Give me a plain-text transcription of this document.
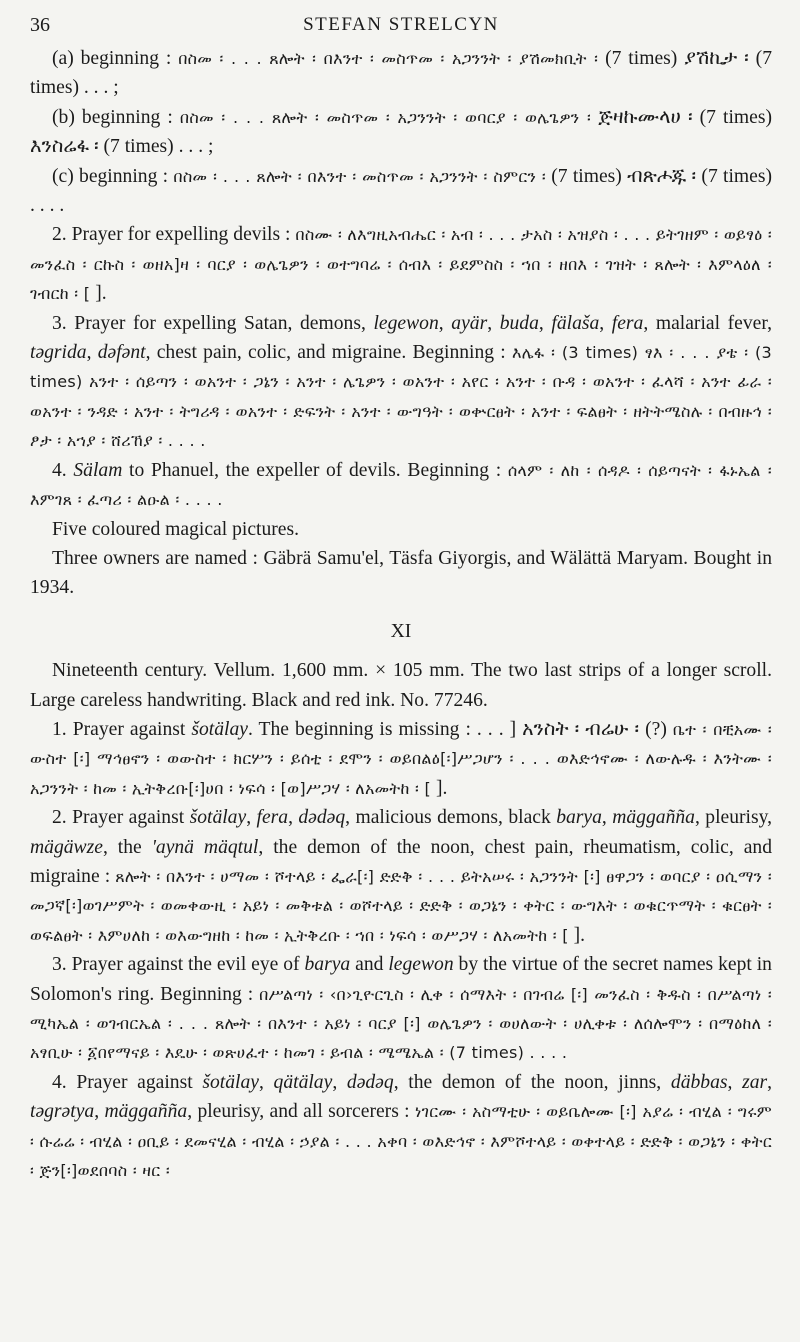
36	STEFAN STRELCYN

(a) beginning : በስመ ፡ . . . ጸሎት ፡ በእንተ ፡ መስጥመ ፡ አጋንንት ፡ ያሽመክቢት ፡ (7 times) ያሽኪታ ፡ (7 times) . . . ;

(b) beginning : በስመ ፡ . . . ጸሎት ፡ መስጥመ ፡ አጋንንት ፡ ወባርያ ፡ ወሌጌዎን ፡ ጅዛኩሙላሀ ፡ (7 times) እንስሬፋ ፡ (7 times) . . . ;

(c) beginning : በስመ ፡ . . . ጸሎት ፡ በእንተ ፡ መስጥመ ፡ አጋንንት ፡ ስምርን ፡ (7 times) ብጽሖጁ ፡ (7 times) . . . .

2. Prayer for expelling devils : በስሙ ፡ ለእግዚአብሔር ፡ አብ ፡ . . . ታአስ ፡ አዝያስ ፡ . . . ይትገዘም ፡ ወይፃዕ ፡ መንፈስ ፡ ርኩስ ፡ ወዘአ]ዛ ፡ ባርያ ፡ ወሌጌዎን ፡ ወተግባሬ ፡ ሰብእ ፡ ይደምስስ ፡ ኀበ ፡ ዘበእ ፡ ገዝት ፡ ጸሎት ፡ እምላዕለ ፡ ገብርከ ፡ [ ].

3. Prayer for expelling Satan, demons, legewon, ayär, buda, fälaša, fera, malarial fever, təgrida, dəfənt, chest pain, colic, and migraine. Beginning : እሌፋ ፡ (3 times) ፃእ ፡ . . . ያቴ ፡ (3 times) አንተ ፡ ሰይጣን ፡ ወአንተ ፡ ጋኔን ፡ አንተ ፡ ሌጌዎን ፡ ወአንተ ፡ አየር ፡ አንተ ፡ ቡዳ ፡ ወአንተ ፡ ፈላሻ ፡ አንተ ፊራ ፡ ወአንተ ፡ ንዳድ ፡ አንተ ፡ ትግሪዳ ፡ ወአንተ ፡ ድፍንት ፡ አንተ ፡ ውግዓት ፡ ወቍርፀት ፡ አንተ ፡ ፍልፀት ፡ ዘትትሜስሉ ፡ በብዙኅ ፡ ፆታ ፡ አኀያ ፡ ሸሪኸያ ፡ . . . .

4. Sälam to Phanuel, the expeller of devils. Beginning : ሰላም ፡ ለከ ፡ ሰዳዶ ፡ ሰይጣናት ፡ ፋኑኤል ፡ እምገጸ ፡ ፈጣሪ ፡ ልዑል ፡ . . . .

Five coloured magical pictures.

Three owners are named : Gäbrä Samu'el, Täsfa Giyorgis, and Wälättä Maryam. Bought in 1934.

XI

Nineteenth century. Vellum. 1,600 mm. × 105 mm. The two last strips of a longer scroll. Large careless handwriting. Black and red ink. No. 77246.

1. Prayer against šotälay. The beginning is missing : . . . ] አንስት ፡ ብሬሁ ፡ (?) ቤተ ፡ በቺአሙ ፡ ውስተ [፡] ማኅፀኖን ፡ ወውስተ ፡ ክርሦን ፡ ይሰቲ ፡ ደሞን ፡ ወይበልዕ[፡]ሥጋሆን ፡ . . . ወእድኅኖሙ ፡ ለውሉዱ ፡ እንትሙ ፡ አጋንንት ፡ ከመ ፡ ኢትቅረቡ[፡]ሀበ ፡ ነፍሳ ፡ [ወ]ሥጋሃ ፡ ለአመትከ ፡ [ ].

2. Prayer against šotälay, fera, dədəq, malicious demons, black barya, mäggañña, pleurisy, mägäwze, the 'aynä mäqtul, the demon of the noon, chest pain, rheumatism, colic, and migraine : ጸሎት ፡ በእንተ ፡ ሀማመ ፡ ሾተላይ ፡ ፌራ[፡] ድድቅ ፡ . . . ይትአሠሩ ፡ አጋንንት [፡] ፀዋጋን ፡ ወባርያ ፡ ዐሲማን ፡ መጋኛ[፡]ወገሥምት ፡ ወመቀውዚ ፡ አይነ ፡ መቅቱል ፡ ወሾተላይ ፡ ድድቅ ፡ ወጋኔን ፡ ቀትር ፡ ውግእት ፡ ወቁርጥማት ፡ ቁርፀት ፡ ወፍልፀት ፡ እምሀለከ ፡ ወእውግዘከ ፡ ከመ ፡ ኢትቅረቡ ፡ ኀበ ፡ ነፍሳ ፡ ወሥጋሃ ፡ ለአመትከ ፡ [ ].

3. Prayer against the evil eye of barya and legewon by the virtue of the secret names kept in Solomon's ring. Beginning : በሥልጣነ ፡ ‹በ›ጊዮርጊስ ፡ ሊቀ ፡ ሰማእት ፡ በገብሬ [፡] መንፈስ ፡ ቅዱስ ፡ በሥልጣነ ፡ ሚካኤል ፡ ወገብርኤል ፡ . . . ጸሎት ፡ በእንተ ፡ አይነ ፡ ባርያ [፡] ወሌጌዎን ፡ ወሀለውት ፡ ሀሊቀቱ ፡ ለሰሎሞን ፡ በማዕከለ ፡ አፃቢሁ ፡ ፩በየማናይ ፡ እዴሁ ፡ ወጽሀፈተ ፡ ከመገ ፡ ይብል ፡ ሜሜኤል ፡ (7 times) . . . .

4. Prayer against šotälay, qätälay, dədəq, the demon of the noon, jinns, däbbas, zar, təgrətya, mäggañña, pleurisy, and all sorcerers : ነገርሙ ፡ አስማቲሁ ፡ ወይቤሎሙ [፡] አያሬ ፡ ብሂል ፡ ግሩም ፡ ሱሬሬ ፡ ብሂል ፡ ዐቢይ ፡ ደመናሂል ፡ ብሂል ፡ ኃያል ፡ . . . አቀባ ፡ ወእድኅኖ ፡ እምሾተላይ ፡ ወቀተላይ ፡ ድድቅ ፡ ወጋኔን ፡ ቀትር ፡ ጅን[፡]ወደበባስ ፡ ዛር ፡
